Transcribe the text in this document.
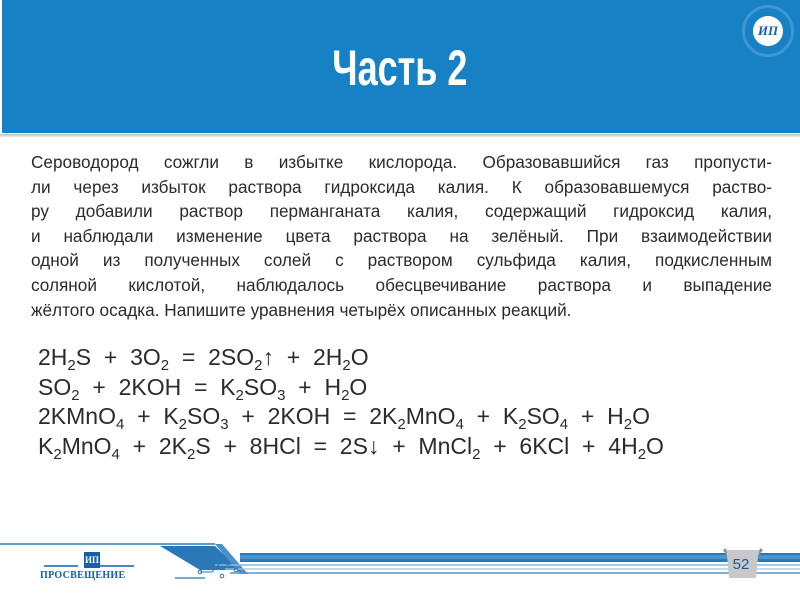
Часть 2
ИП
Сероводород сожгли в избытке кислорода. Образовавшийся газ пропусти-
ли через избыток раствора гидроксида калия. К образовавшемуся раство-
ру добавили раствор перманганата калия, содержащий гидроксид калия,
и наблюдали изменение цвета раствора на зелёный. При взаимодействии
одной из полученных солей с раствором сульфида калия, подкисленным
соляной кислотой, наблюдалось обесцвечивание раствора и выпадение
жёлтого осадка. Напишите уравнения четырёх описанных реакций.
$2H_2S + 3O_2$  =  $2SO_2↑ + 2H_2O$
$SO_2 + 2KOH = K_2SO_3 + H_2O$
2KMnO$_4$  +  $K_2SO_3 + 2KOH = 2K_2MnO_4 + K_2SO_4 + H_2O$
$K_2MnO_4 + 2K_2S + 8HCl$  =  2S↓  +  MnCl$_2$  +  $6KCl + 4H_2O$
ИП
ПРОСВЕЩЕНИЕ
52
